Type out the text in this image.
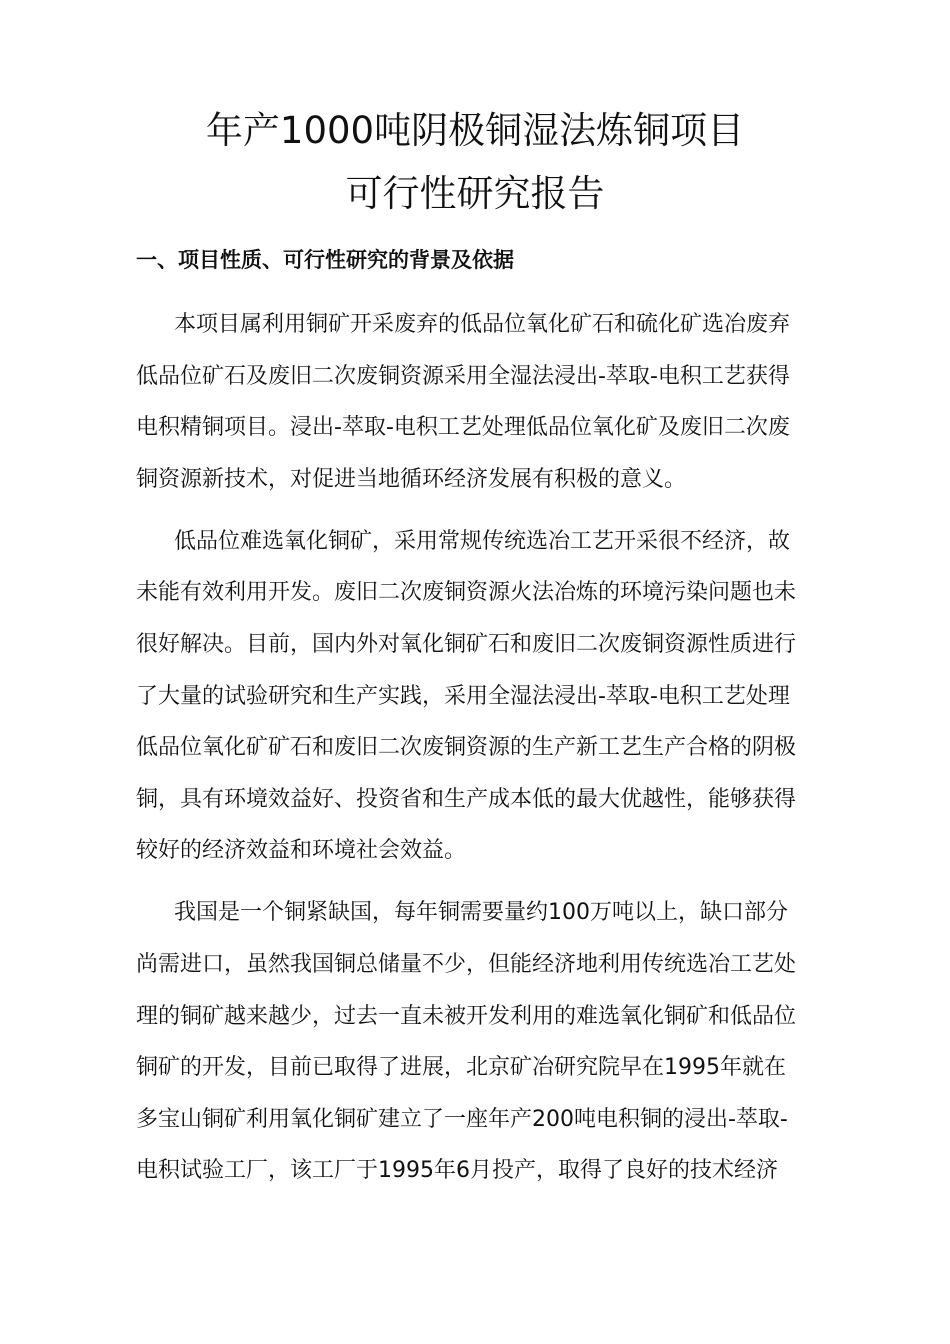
年产1000吨阴极铜湿法炼铜项目
可行性研究报告
一、项目性质、可行性研究的背景及依据
本项目属利用铜矿开采废弃的低品位氧化矿石和硫化矿选冶废弃
低品位矿石及废旧二次废铜资源采用全湿法浸出-萃取-电积工艺获得
电积精铜项目。浸出-萃取-电积工艺处理低品位氧化矿及废旧二次废
铜资源新技术，对促进当地循环经济发展有积极的意义。
低品位难选氧化铜矿，采用常规传统选冶工艺开采很不经济，故
未能有效利用开发。废旧二次废铜资源火法冶炼的环境污染问题也未
很好解决。目前，国内外对氧化铜矿石和废旧二次废铜资源性质进行
了大量的试验研究和生产实践，采用全湿法浸出-萃取-电积工艺处理
低品位氧化矿矿石和废旧二次废铜资源的生产新工艺生产合格的阴极
铜，具有环境效益好、投资省和生产成本低的最大优越性，能够获得
较好的经济效益和环境社会效益。
我国是一个铜紧缺国，每年铜需要量约100万吨以上，缺口部分
尚需进口，虽然我国铜总储量不少，但能经济地利用传统选冶工艺处
理的铜矿越来越少，过去一直未被开发利用的难选氧化铜矿和低品位
铜矿的开发，目前已取得了进展，北京矿冶研究院早在1995年就在
多宝山铜矿利用氧化铜矿建立了一座年产200吨电积铜的浸出-萃取-
电积试验工厂，该工厂于1995年6月投产，取得了良好的技术经济
